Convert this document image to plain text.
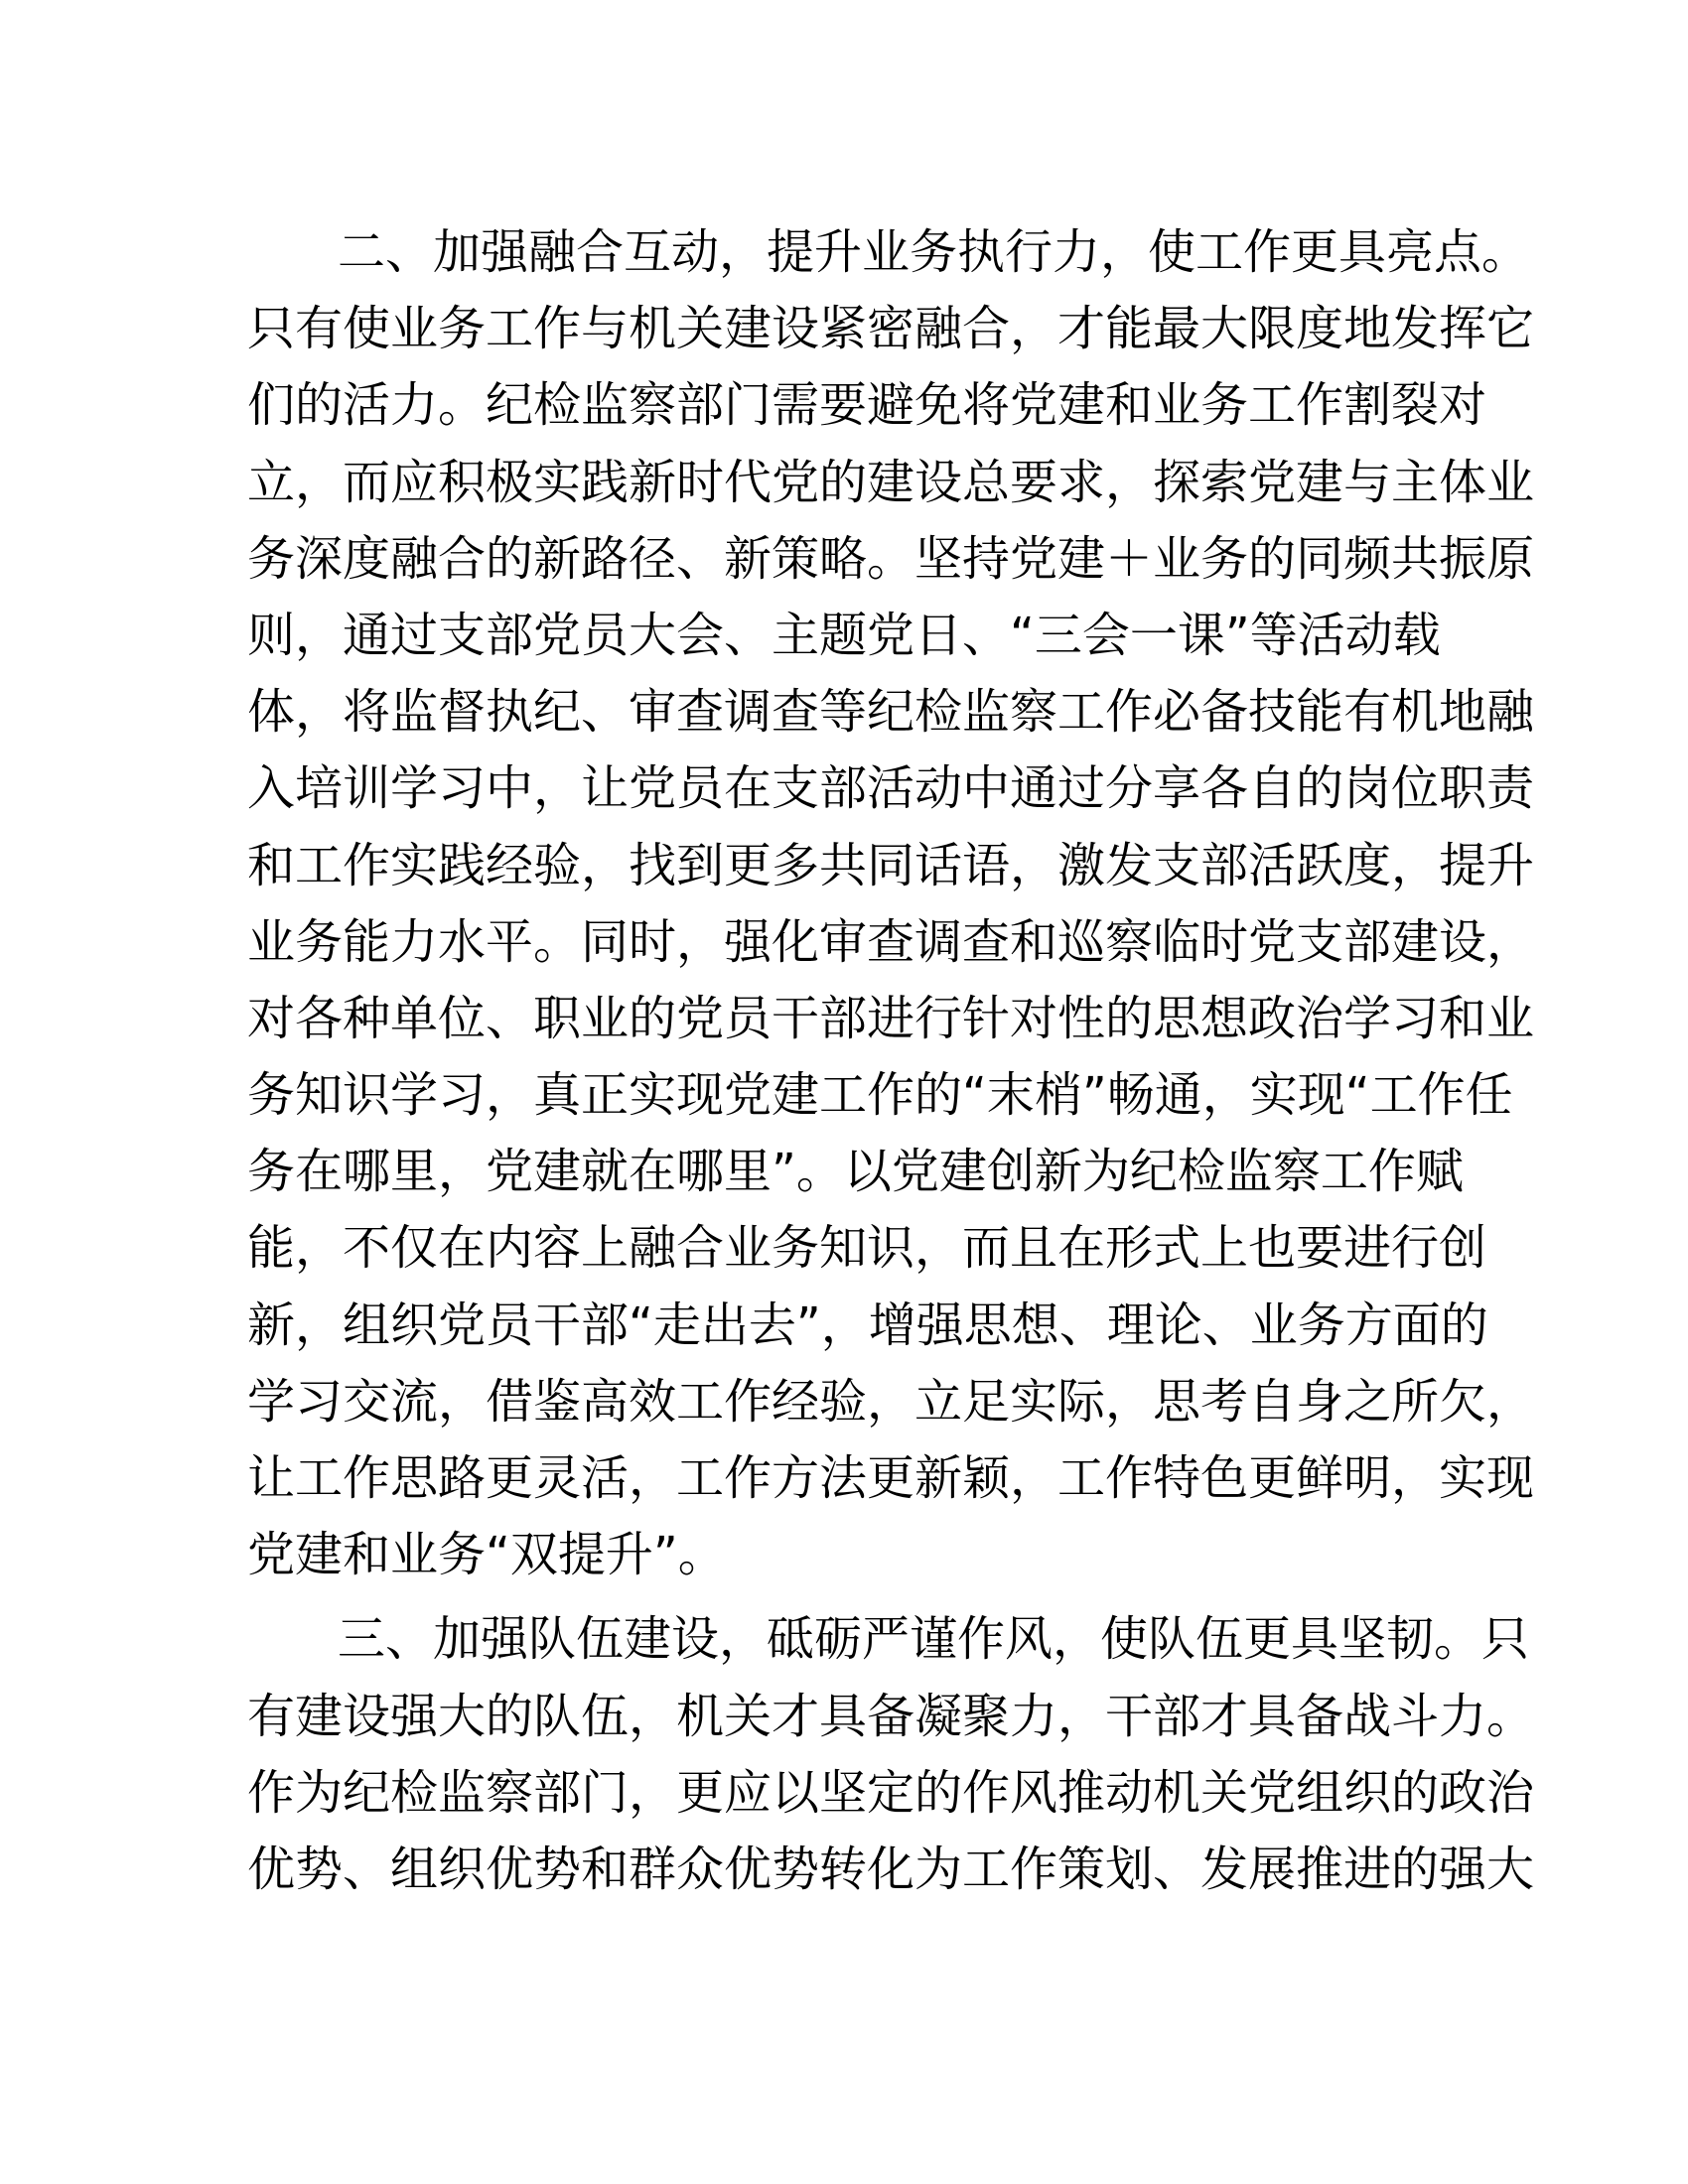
二、加强融合互动，提升业务执行力，使工作更具亮点。
只有使业务工作与机关建设紧密融合，才能最大限度地发挥它
们的活力。纪检监察部门需要避免将党建和业务工作割裂对
立，而应积极实践新时代党的建设总要求，探索党建与主体业
务深度融合的新路径、新策略。坚持党建＋业务的同频共振原
则，通过支部党员大会、主题党日、“三会一课”等活动载
体，将监督执纪、审查调查等纪检监察工作必备技能有机地融
入培训学习中，让党员在支部活动中通过分享各自的岗位职责
和工作实践经验，找到更多共同话语，激发支部活跃度，提升
业务能力水平。同时，强化审查调查和巡察临时党支部建设，
对各种单位、职业的党员干部进行针对性的思想政治学习和业
务知识学习，真正实现党建工作的“末梢”畅通，实现“工作任
务在哪里，党建就在哪里”。以党建创新为纪检监察工作赋
能，不仅在内容上融合业务知识，而且在形式上也要进行创
新，组织党员干部“走出去”，增强思想、理论、业务方面的
学习交流，借鉴高效工作经验，立足实际，思考自身之所欠，
让工作思路更灵活，工作方法更新颖，工作特色更鲜明，实现
党建和业务“双提升”。
三、加强队伍建设，砥砺严谨作风，使队伍更具坚韧。只
有建设强大的队伍，机关才具备凝聚力，干部才具备战斗力。
作为纪检监察部门，更应以坚定的作风推动机关党组织的政治
优势、组织优势和群众优势转化为工作策划、发展推进的强大
